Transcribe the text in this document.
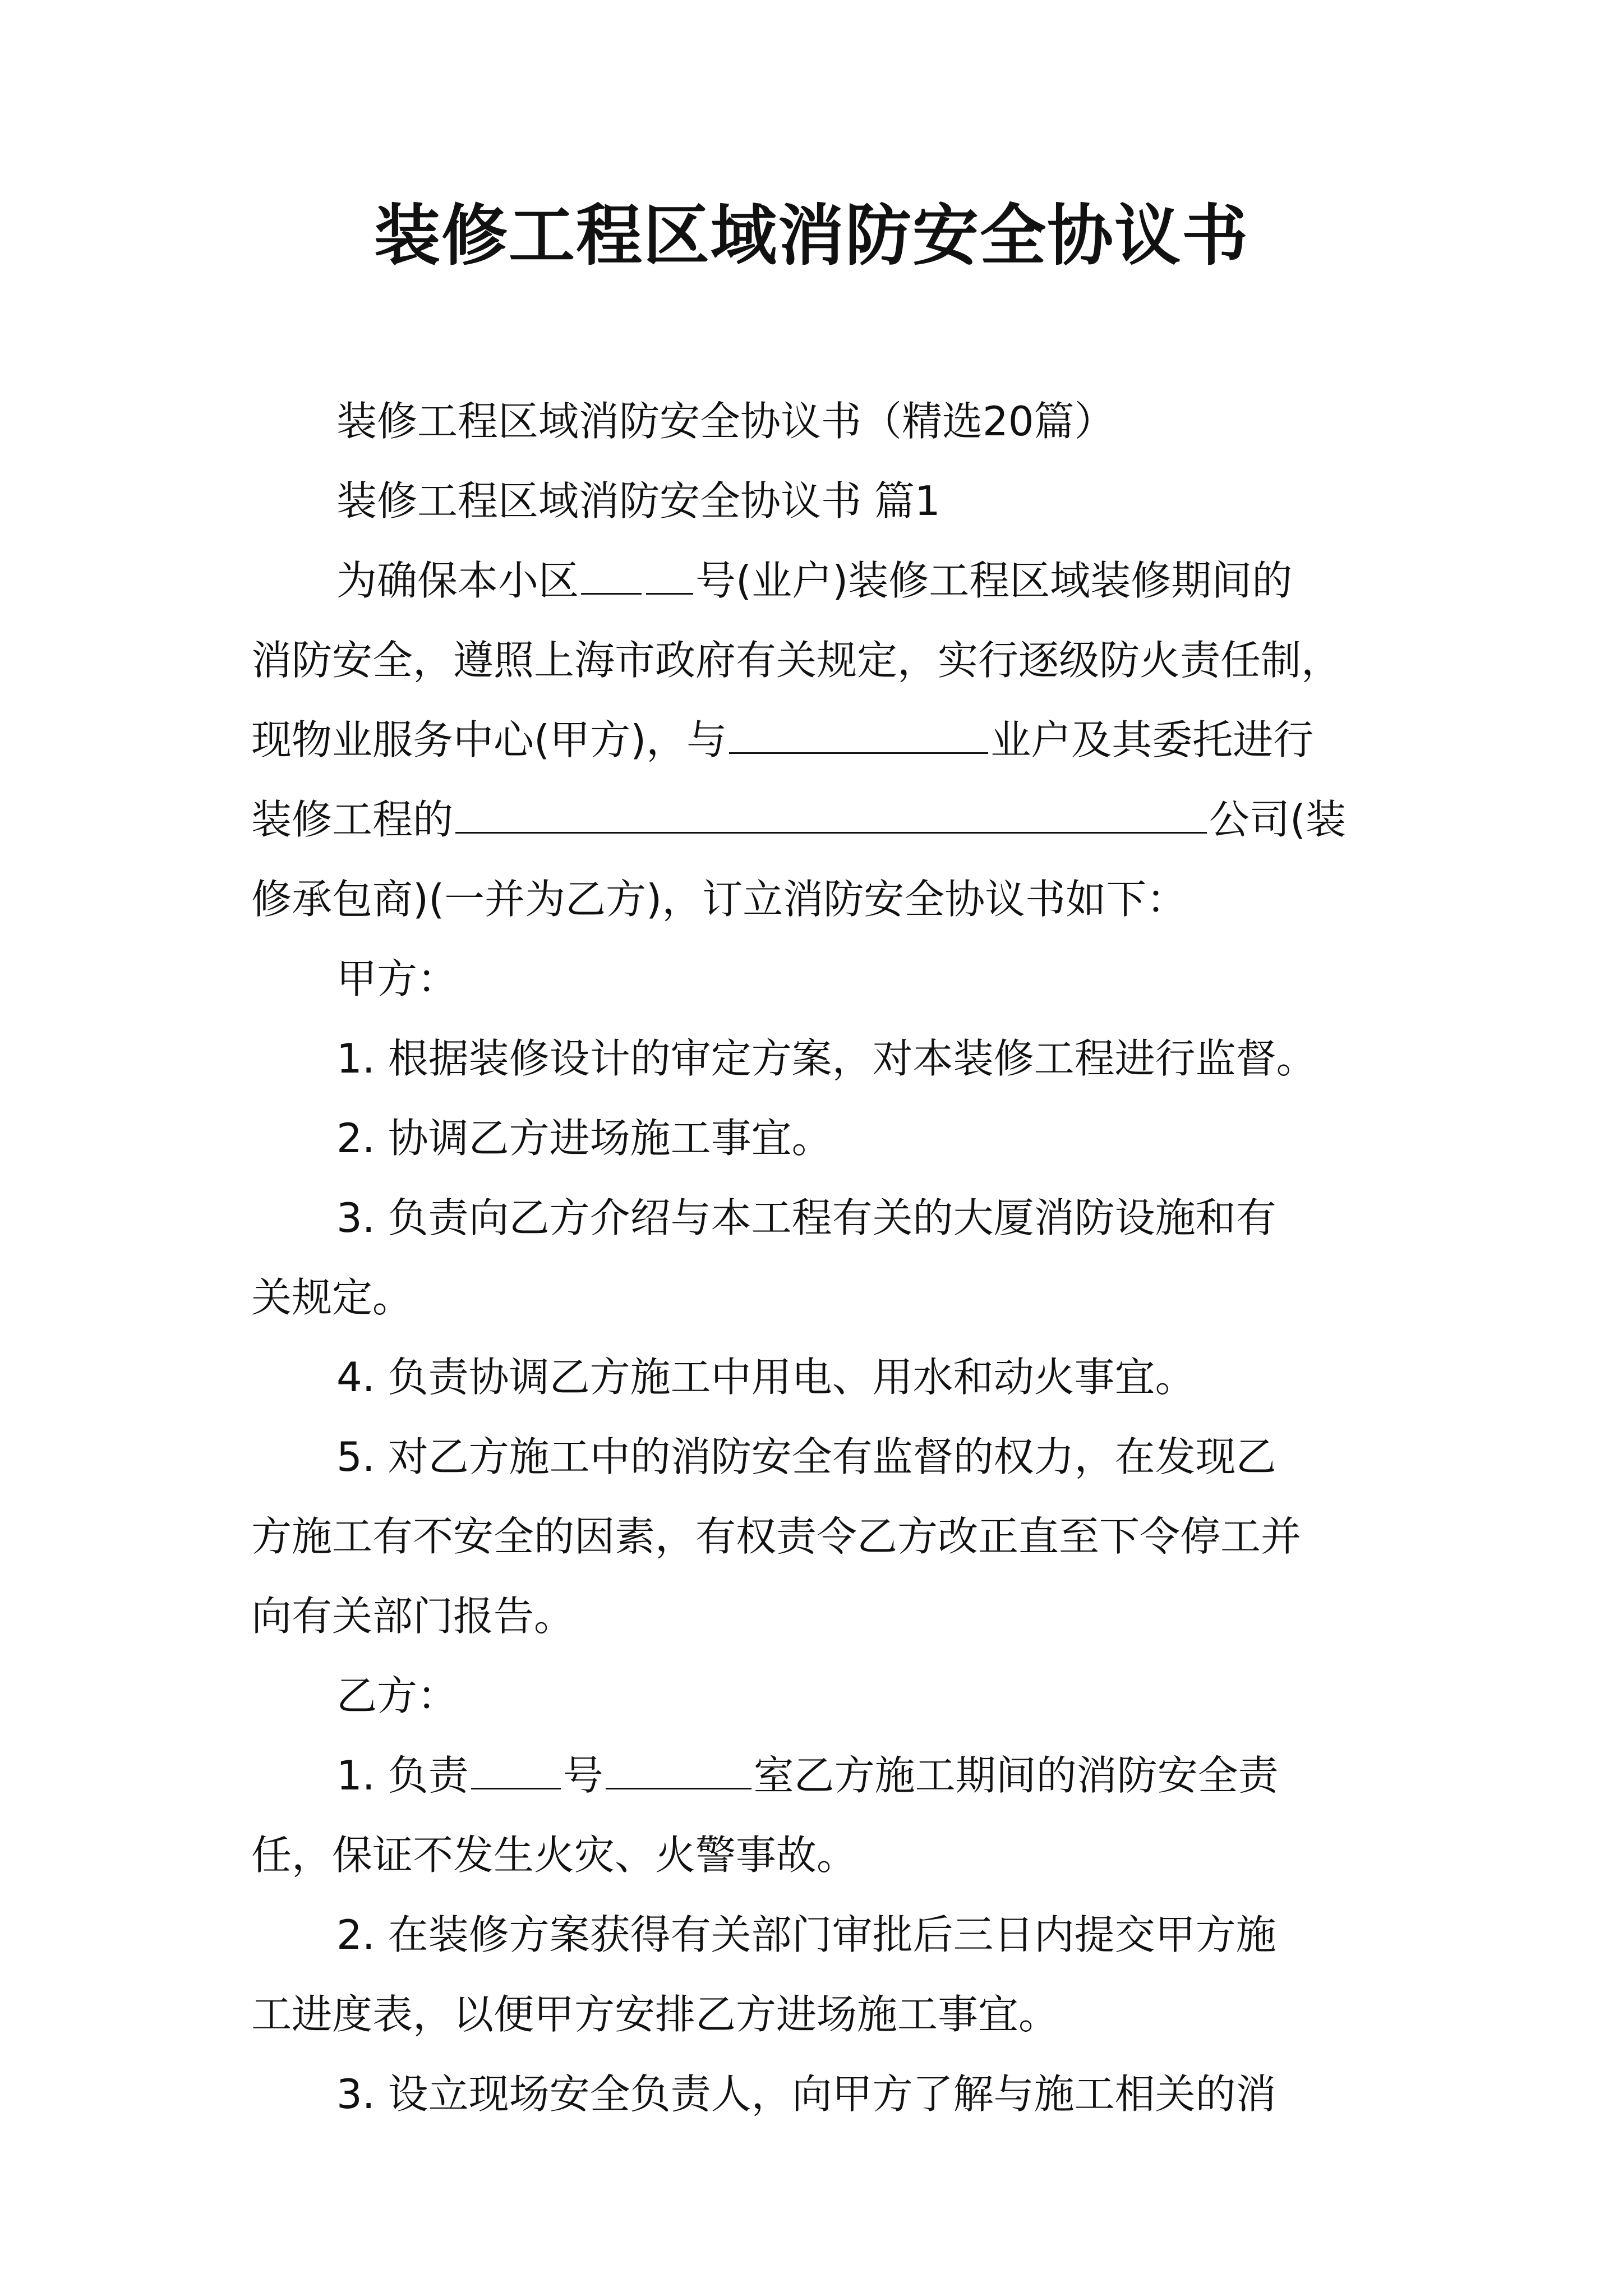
装修工程区域消防安全协议书

装修工程区域消防安全协议书（精选20篇）

装修工程区域消防安全协议书 篇1

为确保本小区	号(业户)装修工程区域装修期间的

消防安全，遵照上海市政府有关规定，实行逐级防火责任制，

现物业服务中心(甲方)，与	业户及其委托进行

装修工程的	公司(装

修承包商)(一并为乙方)，订立消防安全协议书如下：

甲方：

1. 根据装修设计的审定方案，对本装修工程进行监督。

2. 协调乙方进场施工事宜。

3. 负责向乙方介绍与本工程有关的大厦消防设施和有

关规定。

4. 负责协调乙方施工中用电、用水和动火事宜。

5. 对乙方施工中的消防安全有监督的权力，在发现乙

方施工有不安全的因素，有权责令乙方改正直至下令停工并

向有关部门报告。

乙方：

1. 负责 号	室乙方施工期间的消防安全责

任，保证不发生火灾、火警事故。

2. 在装修方案获得有关部门审批后三日内提交甲方施

工进度表，以便甲方安排乙方进场施工事宜。

3. 设立现场安全负责人，向甲方了解与施工相关的消
